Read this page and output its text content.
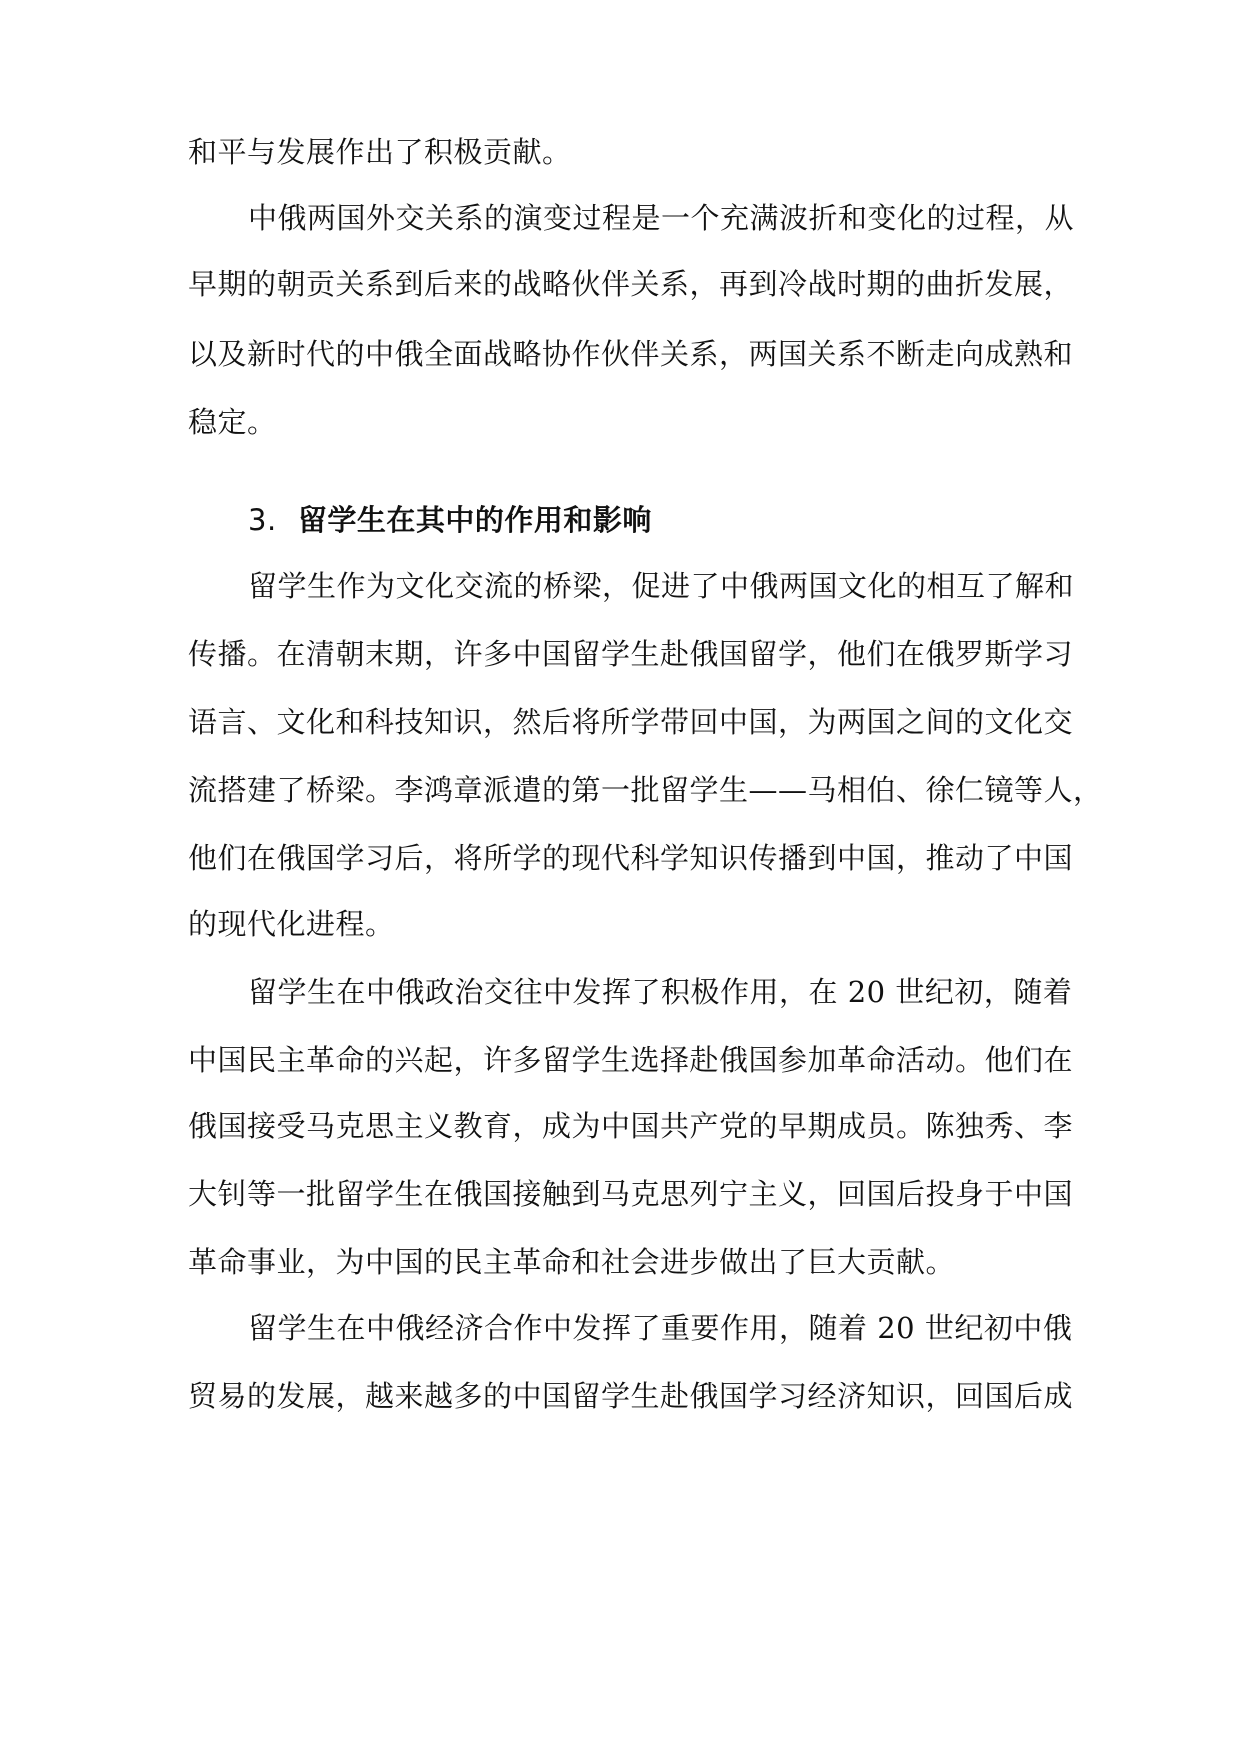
和平与发展作出了积极贡献。
中俄两国外交关系的演变过程是一个充满波折和变化的过程，从
早期的朝贡关系到后来的战略伙伴关系，再到冷战时期的曲折发展，
以及新时代的中俄全面战略协作伙伴关系，两国关系不断走向成熟和
稳定。
3. 留学生在其中的作用和影响
留学生作为文化交流的桥梁，促进了中俄两国文化的相互了解和
传播。在清朝末期，许多中国留学生赴俄国留学，他们在俄罗斯学习
语言、文化和科技知识，然后将所学带回中国，为两国之间的文化交
流搭建了桥梁。李鸿章派遣的第一批留学生——马相伯、徐仁镜等人，
他们在俄国学习后，将所学的现代科学知识传播到中国，推动了中国
的现代化进程。
留学生在中俄政治交往中发挥了积极作用，在 20 世纪初，随着
中国民主革命的兴起，许多留学生选择赴俄国参加革命活动。他们在
俄国接受马克思主义教育，成为中国共产党的早期成员。陈独秀、李
大钊等一批留学生在俄国接触到马克思列宁主义，回国后投身于中国
革命事业，为中国的民主革命和社会进步做出了巨大贡献。
留学生在中俄经济合作中发挥了重要作用，随着 20 世纪初中俄
贸易的发展，越来越多的中国留学生赴俄国学习经济知识，回国后成
